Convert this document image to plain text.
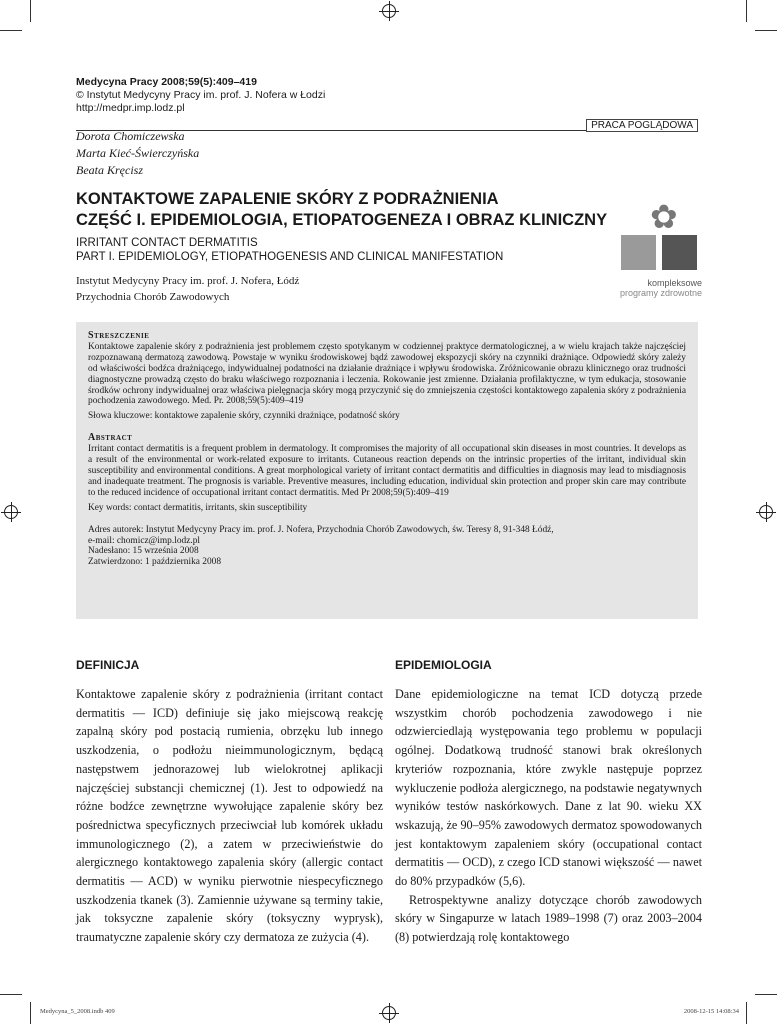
Medycyna Pracy 2008;59(5):409–419
© Instytut Medycyny Pracy im. prof. J. Nofera w Łodzi
http://medpr.imp.lodz.pl
PRACA POGLĄDOWA
Dorota Chomiczewska
Marta Kieć-Świerczyńska
Beata Kręcisz
KONTAKTOWE ZAPALENIE SKÓRY Z PODRAŻNIENIA
CZĘŚĆ I. EPIDEMIOLOGIA, ETIOPATOGENEZA I OBRAZ KLINICZNY
IRRITANT CONTACT DERMATITIS
PART I. EPIDEMIOLOGY, ETIOPATHOGENESIS AND CLINICAL MANIFESTATION
Instytut Medycyny Pracy im. prof. J. Nofera, Łódź
Przychodnia Chorób Zawodowych
✿
kompleksowe
programy zdrowotne

Streszczenie

Kontaktowe zapalenie skóry z podrażnienia jest problemem często spotykanym w codziennej praktyce dermatologicznej, a w wielu krajach także najczęściej rozpoznawaną dermatozą zawodową. Powstaje w wyniku środowiskowej bądź zawodowej ekspozycji skóry na czynniki drażniące. Odpowiedź skóry zależy od właściwości bodźca drażniącego, indywidualnej podatności na działanie drażniące i wpływu środowiska. Zróżnicowanie obrazu klinicznego oraz trudności diagnostyczne prowadzą często do braku właściwego rozpoznania i leczenia. Rokowanie jest zmienne. Działania profilaktyczne, w tym edukacja, stosowanie środków ochrony indywidualnej oraz właściwa pielęgnacja skóry mogą przyczynić się do zmniejszenia częstości kontaktowego zapalenia skóry z podrażnienia pochodzenia zawodowego. Med. Pr. 2008;59(5):409–419

Słowa kluczowe: kontaktowe zapalenie skóry, czynniki drażniące, podatność skóry

Abstract

Irritant contact dermatitis is a frequent problem in dermatology. It compromises the majority of all occupational skin diseases in most countries. It develops as a result of the environmental or work-related exposure to irritants. Cutaneous reaction depends on the intrinsic properties of the irritant, individual skin susceptibility and environmental conditions. A great morphological variety of irritant contact dermatitis and difficulties in diagnosis may lead to misdiagnosis and inadequate treatment. The prognosis is variable. Preventive measures, including education, individual skin protection and proper skin care may contribute to the reduced incidence of occupational irritant contact dermatitis. Med Pr 2008;59(5):409–419

Key words: contact dermatitis, irritants, skin susceptibility

Adres autorek: Instytut Medycyny Pracy im. prof. J. Nofera, Przychodnia Chorób Zawodowych, św. Teresy 8, 91-348 Łódź,

e-mail: chomicz@imp.lodz.pl

Nadesłano: 15 września 2008

Zatwierdzono: 1 października 2008

DEFINICJA

Kontaktowe zapalenie skóry z podrażnienia (irritant contact dermatitis — ICD) definiuje się jako miejscową reakcję zapalną skóry pod postacią rumienia, obrzęku lub innego uszkodzenia, o podłożu nieimmunologicznym, będącą następstwem jednorazowej lub wielokrotnej aplikacji najczęściej substancji chemicznej (1). Jest to odpowiedź na różne bodźce zewnętrzne wywołujące zapalenie skóry bez pośrednictwa specyficznych przeciwciał lub komórek układu immunologicznego (2), a zatem w przeciwieństwie do alergicznego kontaktowego zapalenia skóry (allergic contact dermatitis — ACD) w wyniku pierwotnie niespecyficznego uszkodzenia tkanek (3). Zamiennie używane są terminy takie, jak toksyczne zapalenie skóry (toksyczny wyprysk), traumatyczne zapalenie skóry czy dermatoza ze zużycia (4).

EPIDEMIOLOGIA

Dane epidemiologiczne na temat ICD dotyczą przede wszystkim chorób pochodzenia zawodowego i nie odzwierciedlają występowania tego problemu w populacji ogólnej. Dodatkową trudność stanowi brak określonych kryteriów rozpoznania, które zwykle następuje poprzez wykluczenie podłoża alergicznego, na podstawie negatywnych wyników testów naskórkowych. Dane z lat 90. wieku XX wskazują, że 90–95% zawodowych dermatoz spowodowanych jest kontaktowym zapaleniem skóry (occupational contact dermatitis — OCD), z czego ICD stanowi większość — nawet do 80% przypadków (5,6).

Retrospektywne analizy dotyczące chorób zawodowych skóry w Singapurze w latach 1989–1998 (7) oraz 2003–2004 (8) potwierdzają rolę kontaktowego

Medycyna_5_2008.indb 409	2008-12-15 14:08:34
